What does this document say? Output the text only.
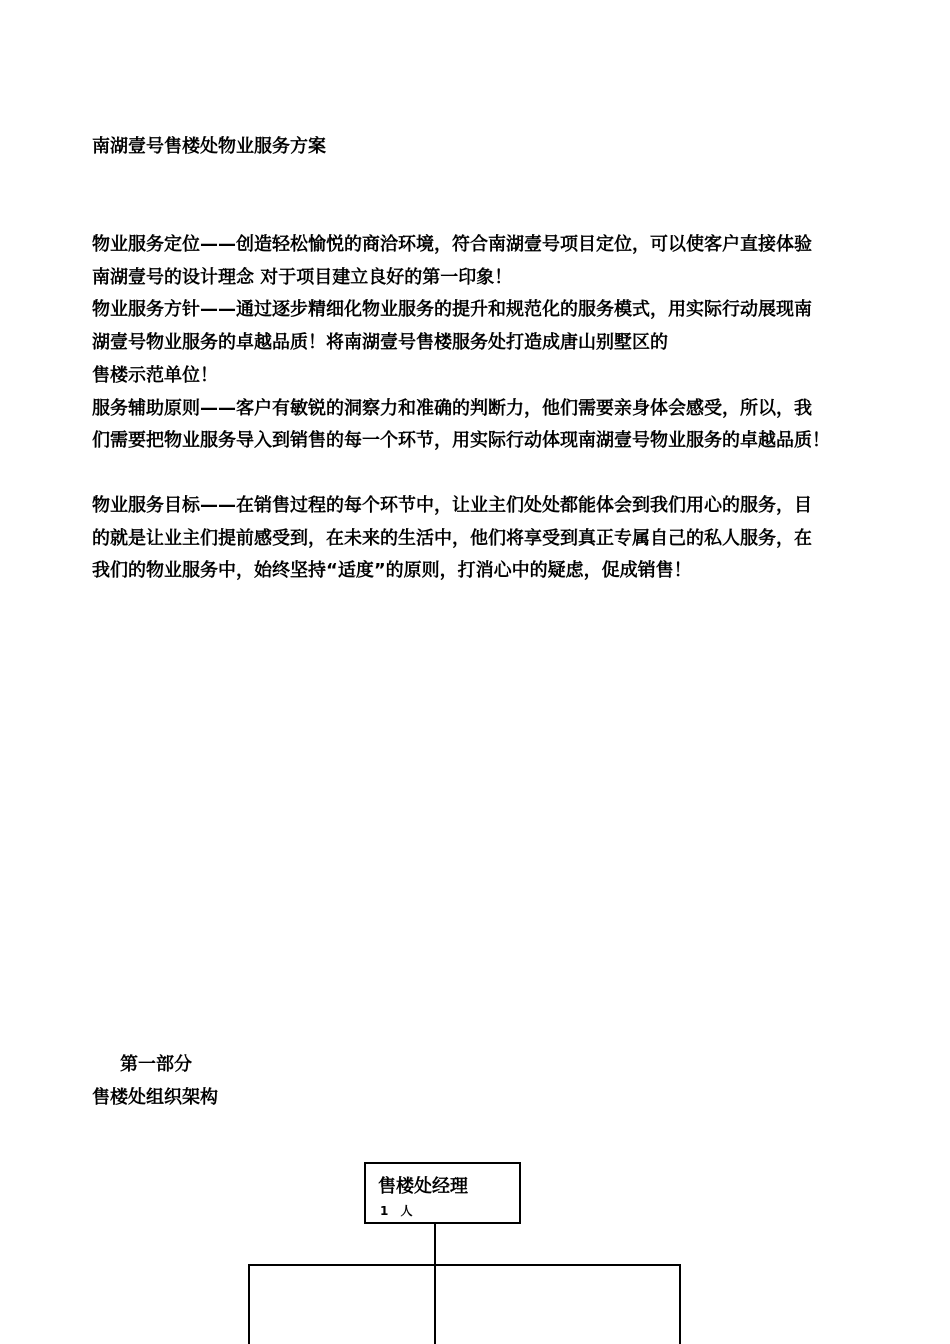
南湖壹号售楼处物业服务方案
物业服务定位——创造轻松愉悦的商洽环境，符合南湖壹号项目定位，可以使客户直接体验
南湖壹号的设计理念 对于项目建立良好的第一印象！
物业服务方针——通过逐步精细化物业服务的提升和规范化的服务模式，用实际行动展现南
湖壹号物业服务的卓越品质！将南湖壹号售楼服务处打造成唐山别墅区的
售楼示范单位！
服务辅助原则——客户有敏锐的洞察力和准确的判断力，他们需要亲身体会感受，所以，我
们需要把物业服务导入到销售的每一个环节，用实际行动体现南湖壹号物业服务的卓越品质！
物业服务目标——在销售过程的每个环节中，让业主们处处都能体会到我们用心的服务，目
的就是让业主们提前感受到，在未来的生活中，他们将享受到真正专属自己的私人服务，在
我们的物业服务中，始终坚持“适度”的原则，打消心中的疑虑，促成销售！
第一部分
售楼处组织架构
售楼处经理
1 人
